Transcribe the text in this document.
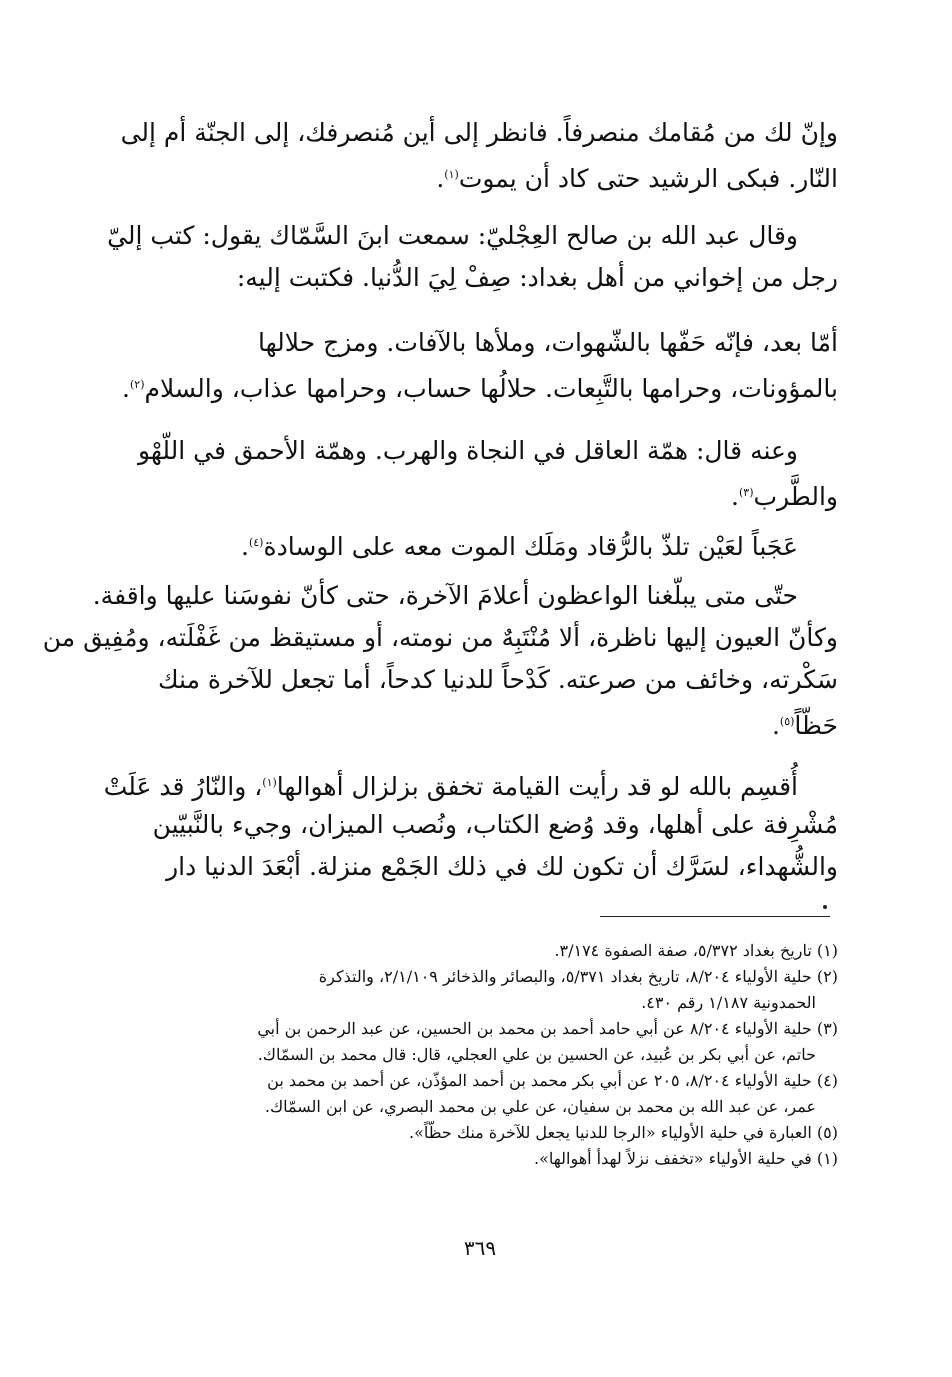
وإنّ لك من مُقامك منصرفاً. فانظر إلى أين مُنصرفك، إلى الجنّة أم إلى
النّار. فبكى الرشيد حتى كاد أن يموت$^{(١)}$.
وقال عبد الله بن صالح العِجْليّ: سمعت ابنَ السَّمّاك يقول: كتب إليّ
رجل من إخواني من أهل بغداد: صِفْ لِيَ الدُّنيا. فكتبت إليه:
أمّا بعد، فإنّه حَفّها بالشّهوات، وملأها بالآفات. ومزج حلالها
بالمؤونات، وحرامها بالتَّبِعات. حلالُها حساب، وحرامها عذاب، والسلام$^{(٢)}$.
وعنه قال: همّة العاقل في النجاة والهرب. وهمّة الأحمق في اللّهْو
والطَّرب$^{(٣)}$.
عَجَباً لعَيْن تلذّ بالرُّقاد ومَلَك الموت معه على الوسادة$^{(٤)}$.
حتّى متى يبلّغنا الواعظون أعلامَ الآخرة، حتى كأنّ نفوسَنا عليها واقفة.
وكأنّ العيون إليها ناظرة، ألا مُنْتَبِهٌ من نومته، أو مستيقظ من غَفْلَته، ومُفِيق من
سَكْرته، وخائف من صرعته. كَدْحاً للدنيا كدحاً، أما تجعل للآخرة منك
حَظّاً$^{(٥)}$.
أُقسِم بالله لو قد رأيت القيامة تخفق بزلزال أهوالها$^{(١)}$، والنّارُ قد عَلَتْ
مُشْرِفة على أهلها، وقد وُضع الكتاب، ونُصب الميزان، وجيء بالنَّبيّين
والشُّهداء، لسَرَّك أن تكون لك في ذلك الجَمْع منزلة. أبْعَدَ الدنيا دار
(١) تاريخ بغداد ٥/٣٧٢، صفة الصفوة ٣/١٧٤.
(٢) حلية الأولياء ٨/٢٠٤، تاريخ بغداد ٥/٣٧١، والبصائر والذخائر ٢/١/١٠٩، والتذكرة
الحمدونية ١/١٨٧ رقم ٤٣٠.
(٣) حلية الأولياء ٨/٢٠٤ عن أبي حامد أحمد بن محمد بن الحسين، عن عبد الرحمن بن أبي
حاتم، عن أبي بكر بن عُبيد، عن الحسين بن علي العجلي، قال: قال محمد بن السمّاك.
(٤) حلية الأولياء ٨/٢٠٤، ٢٠٥ عن أبي بكر محمد بن أحمد المؤذّن، عن أحمد بن محمد بن
عمر، عن عبد الله بن محمد بن سفيان، عن علي بن محمد البصري، عن ابن السمّاك.
(٥) العبارة في حلية الأولياء «الرجا للدنيا يجعل للآخرة منك حظّاً».
(١) في حلية الأولياء «تخفف نزلاً لهدأ أهوالها».
٣٦٩
